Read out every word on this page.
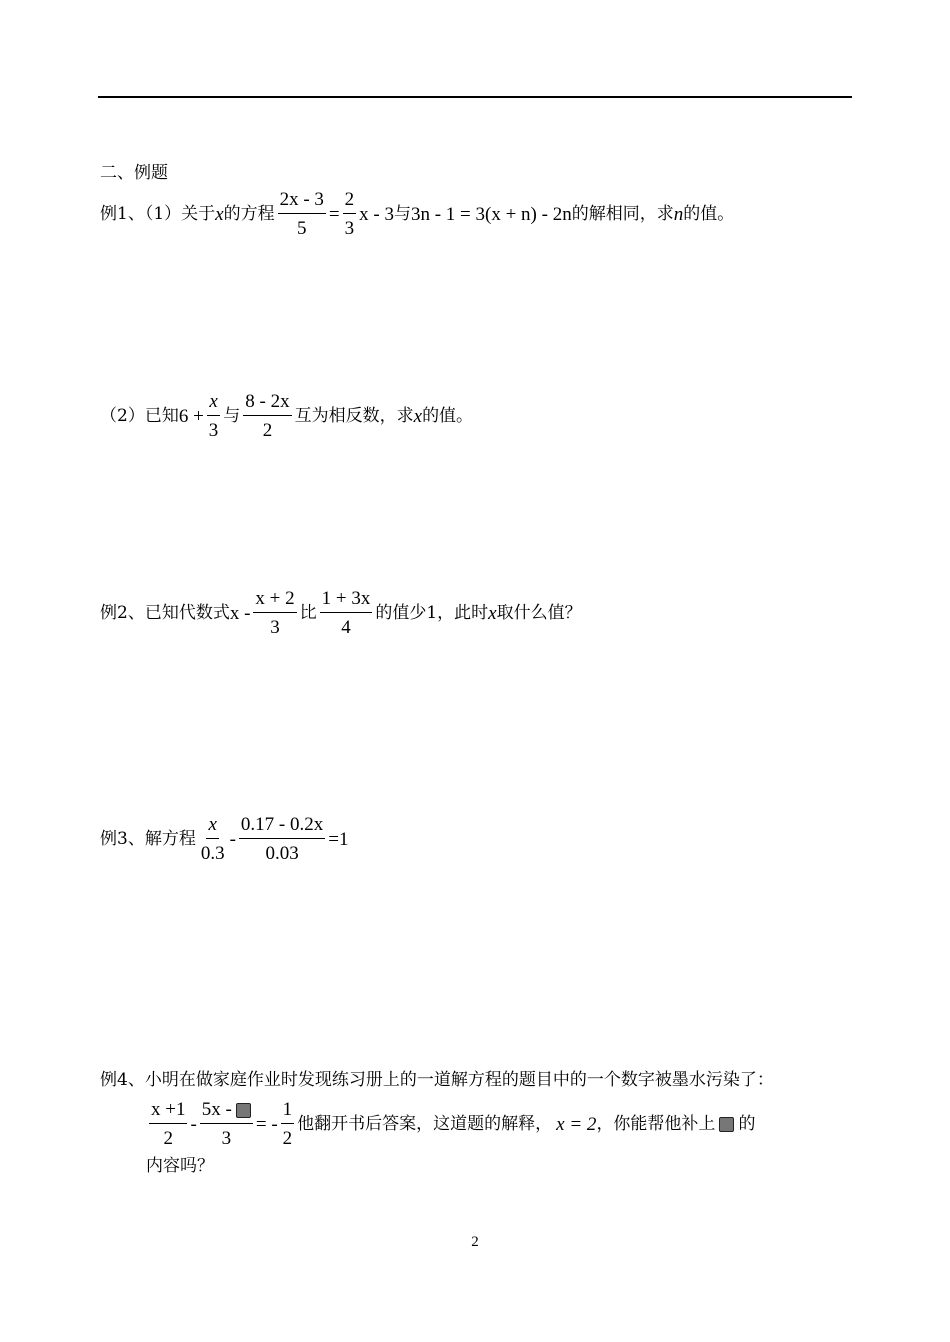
二、例题
例1、（1）关于 x 的方程 $\frac{2x - 3}{5} = \frac{2}{3}$ x - 3 与 3n - 1 = 3(x + n) - 2n 的解相同，求 n 的值。
（2）已知 $6 + \frac{x}{3}$ 与 $\frac{8 - 2x}{2}$ 互为相反数，求 x 的值。
例2、已知代数式 x - $\frac{x + 2}{3}$ 比 $\frac{1 + 3x}{4}$ 的值少1，此时 x 取什么值？
例3、解方程 $\frac{x}{0.3} - \frac{0.17 - 0.2x}{0.03} =1$
例4、小明在做家庭作业时发现练习册上的一道解方程的题目中的一个数字被墨水污染了：
$\frac{x +1}{2} - \frac{5x -}{3}$ = - $\frac{1}{2}$ 他翻开书后答案，这道题的解释， x = 2 ，你能帮他补上 的
内容吗？
2
